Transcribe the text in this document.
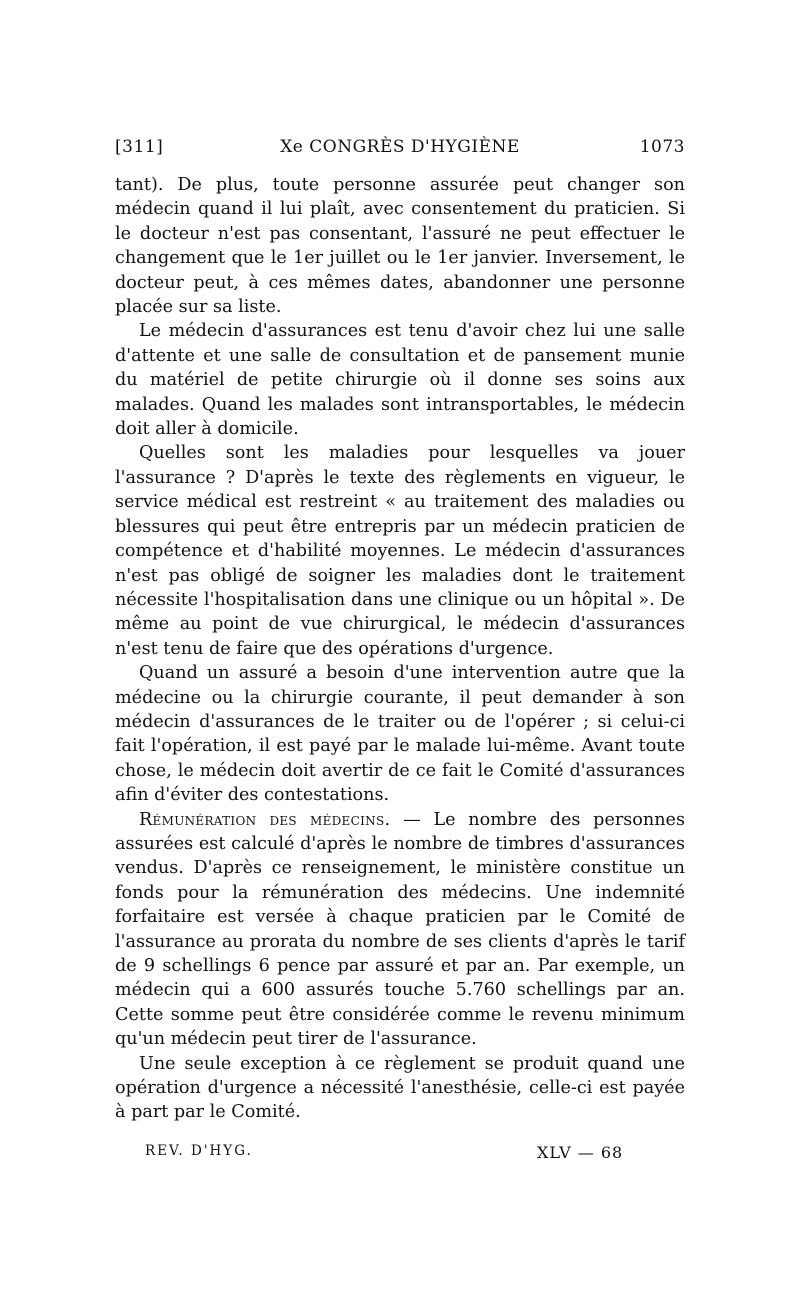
[311]	Xe CONGRÈS D'HYGIÈNE	1073

tant). De plus, toute personne assurée peut changer son médecin quand il lui plaît, avec consentement du praticien. Si le docteur n'est pas consentant, l'assuré ne peut effectuer le changement que le 1er juillet ou le 1er janvier. Inversement, le docteur peut, à ces mêmes dates, abandonner une personne placée sur sa liste.

Le médecin d'assurances est tenu d'avoir chez lui une salle d'attente et une salle de consultation et de pansement munie du matériel de petite chirurgie où il donne ses soins aux malades. Quand les malades sont intransportables, le médecin doit aller à domicile.

Quelles sont les maladies pour lesquelles va jouer l'assurance ? D'après le texte des règlements en vigueur, le service médical est restreint « au traitement des maladies ou blessures qui peut être entrepris par un médecin praticien de compétence et d'habilité moyennes. Le médecin d'assurances n'est pas obligé de soigner les maladies dont le traitement nécessite l'hospitalisation dans une clinique ou un hôpital ». De même au point de vue chirurgical, le médecin d'assurances n'est tenu de faire que des opérations d'urgence.

Quand un assuré a besoin d'une intervention autre que la médecine ou la chirurgie courante, il peut demander à son médecin d'assurances de le traiter ou de l'opérer ; si celui-ci fait l'opération, il est payé par le malade lui-même. Avant toute chose, le médecin doit avertir de ce fait le Comité d'assurances afin d'éviter des contestations.

Rémunération des médecins. — Le nombre des personnes assurées est calculé d'après le nombre de timbres d'assurances vendus. D'après ce renseignement, le ministère constitue un fonds pour la rémunération des médecins. Une indemnité forfaitaire est versée à chaque praticien par le Comité de l'assurance au prorata du nombre de ses clients d'après le tarif de 9 schellings 6 pence par assuré et par an. Par exemple, un médecin qui a 600 assurés touche 5.760 schellings par an. Cette somme peut être considérée comme le revenu minimum qu'un médecin peut tirer de l'assurance.

Une seule exception à ce règlement se produit quand une opération d'urgence a nécessité l'anesthésie, celle-ci est payée à part par le Comité.

REV. D'HYG.	XLV — 68
